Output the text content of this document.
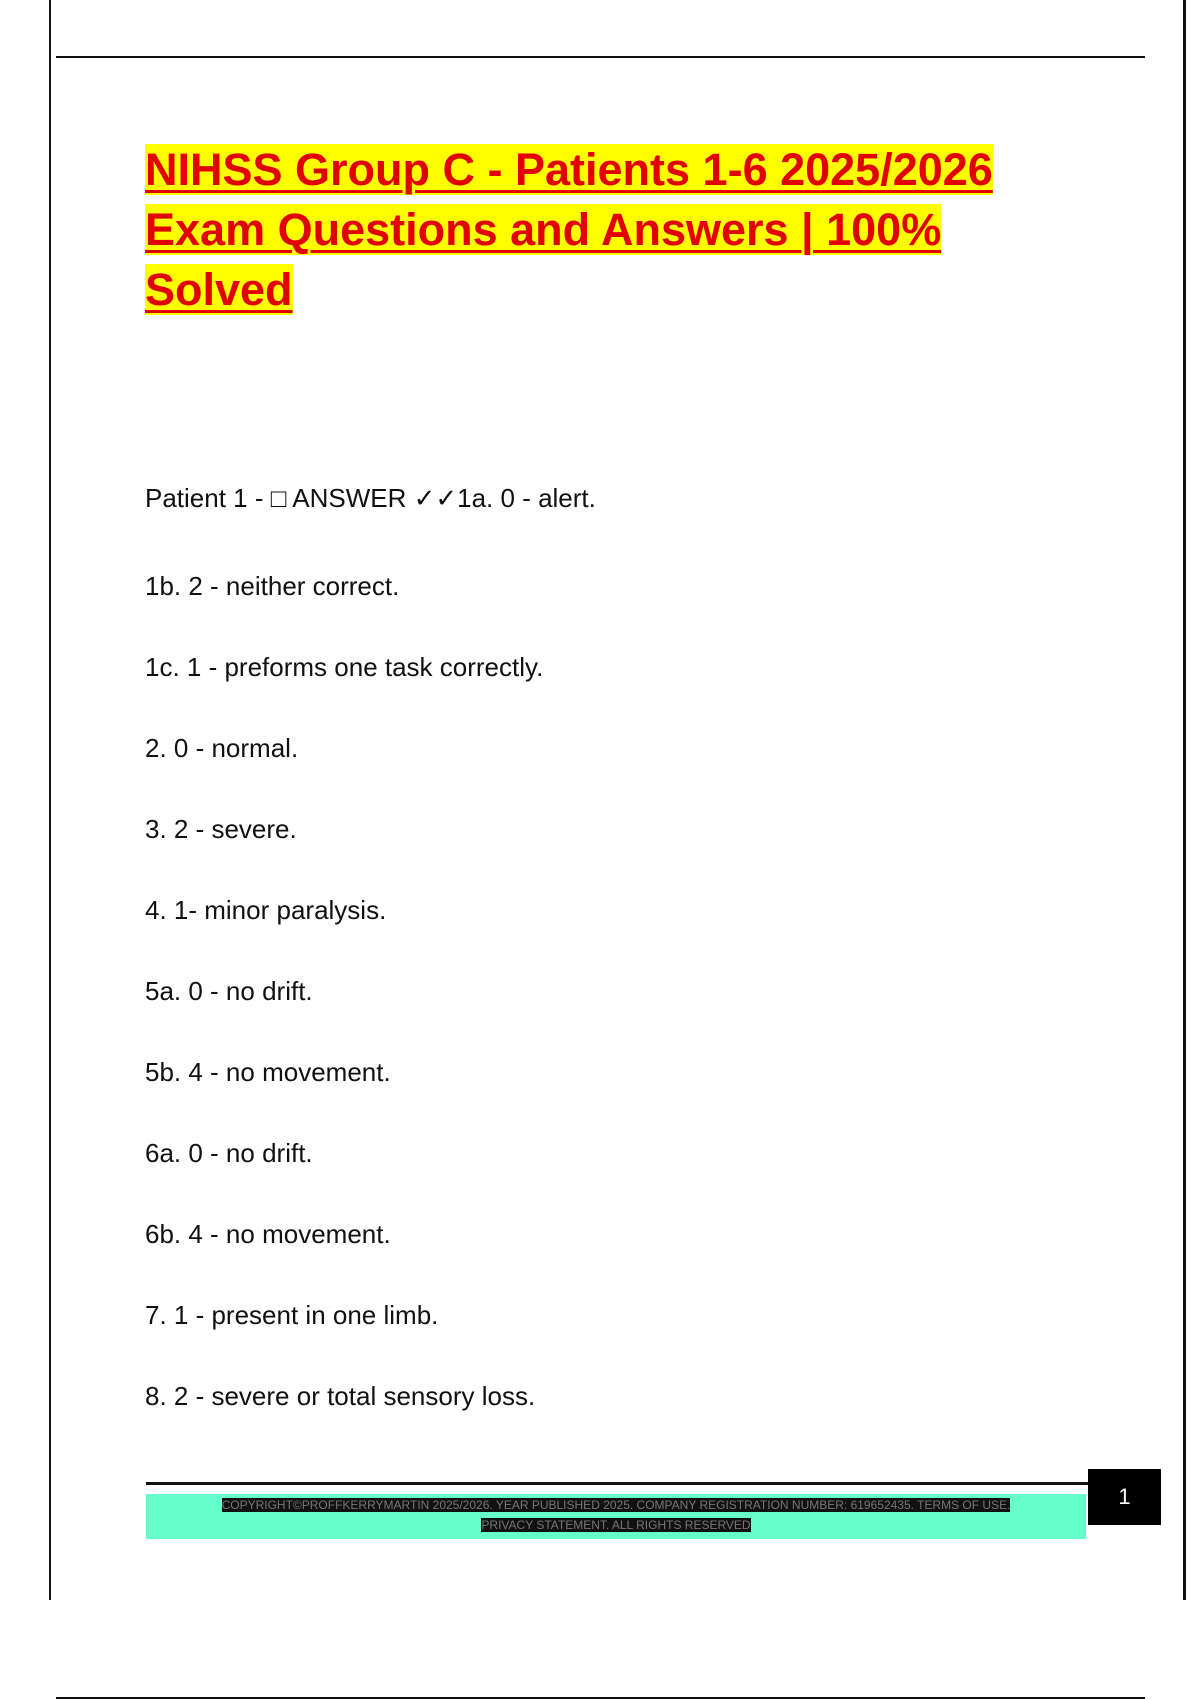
NIHSS Group C - Patients 1-6 2025/2026
Exam Questions and Answers | 100%
Solved
Patient 1 - □ ANSWER ✓✓1a. 0 - alert.
1b. 2 - neither correct.
1c. 1 - preforms one task correctly.
2. 0 - normal.
3. 2 - severe.
4. 1- minor paralysis.
5a. 0 - no drift.
5b. 4 - no movement.
6a. 0 - no drift.
6b. 4 - no movement.
7. 1 - present in one limb.
8. 2 - severe or total sensory loss.
COPYRIGHT©PROFFKERRYMARTIN 2025/2026. YEAR PUBLISHED 2025. COMPANY REGISTRATION NUMBER: 619652435. TERMS OF USE.
PRIVACY STATEMENT. ALL RIGHTS RESERVED
1
